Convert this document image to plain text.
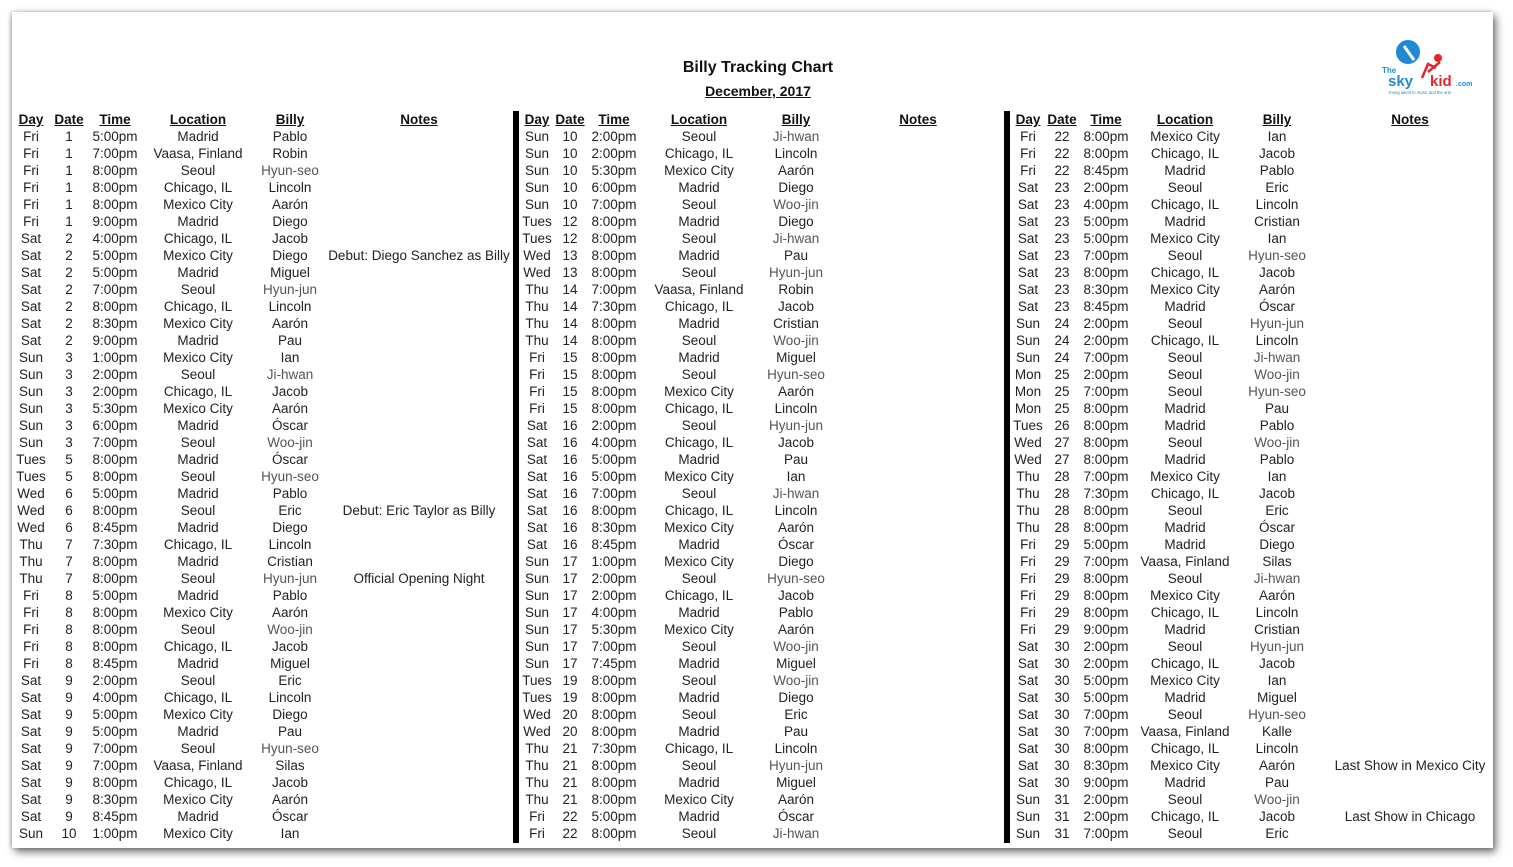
Billy Tracking Chart
December, 2017
The
sky kid .com
Young talent in music and the arts
Day Date	Time	Location	Billy	Notes
Fri	1	5:00pm	Madrid	Pablo
Fri	1	7:00pm	Vaasa, Finland	Robin
Fri	1	8:00pm	Seoul	Hyun-seo
Fri	1	8:00pm	Chicago, IL	Lincoln
Fri	1	8:00pm	Mexico City	Aarón
Fri	1	9:00pm	Madrid	Diego
Sat	2	4:00pm	Chicago, IL	Jacob
Sat	2	5:00pm	Mexico City	Diego	Debut: Diego Sanchez as Billy
Sat	2	5:00pm	Madrid	Miguel
Sat	2	7:00pm	Seoul	Hyun-jun
Sat	2	8:00pm	Chicago, IL	Lincoln
Sat	2	8:30pm	Mexico City	Aarón
Sat	2	9:00pm	Madrid	Pau
Sun	3	1:00pm	Mexico City	Ian
Sun	3	2:00pm	Seoul	Ji-hwan
Sun	3	2:00pm	Chicago, IL	Jacob
Sun	3	5:30pm	Mexico City	Aarón
Sun	3	6:00pm	Madrid	Óscar
Sun	3	7:00pm	Seoul	Woo-jin
Tues	5	8:00pm	Madrid	Óscar
Tues	5	8:00pm	Seoul	Hyun-seo
Wed	6	5:00pm	Madrid	Pablo
Wed	6	8:00pm	Seoul	Eric	Debut: Eric Taylor as Billy
Wed	6	8:45pm	Madrid	Diego
Thu	7	7:30pm	Chicago, IL	Lincoln
Thu	7	8:00pm	Madrid	Cristian
Thu	7	8:00pm	Seoul	Hyun-jun	Official Opening Night
Fri	8	5:00pm	Madrid	Pablo
Fri	8	8:00pm	Mexico City	Aarón
Fri	8	8:00pm	Seoul	Woo-jin
Fri	8	8:00pm	Chicago, IL	Jacob
Fri	8	8:45pm	Madrid	Miguel
Sat	9	2:00pm	Seoul	Eric
Sat	9	4:00pm	Chicago, IL	Lincoln
Sat	9	5:00pm	Mexico City	Diego
Sat	9	5:00pm	Madrid	Pau
Sat	9	7:00pm	Seoul	Hyun-seo
Sat	9	7:00pm	Vaasa, Finland	Silas
Sat	9	8:00pm	Chicago, IL	Jacob
Sat	9	8:30pm	Mexico City	Aarón
Sat	9	8:45pm	Madrid	Óscar
Sun	10	1:00pm	Mexico City	Ian
Day Date	Time	Location	Billy	Notes
Sun 10	2:00pm	Seoul	Ji-hwan
Sun 10	2:00pm	Chicago, IL	Lincoln
Sun 10	5:30pm	Mexico City	Aarón
Sun 10	6:00pm	Madrid	Diego
Sun 10	7:00pm	Seoul	Woo-jin
Tues 12	8:00pm	Madrid	Diego
Tues 12	8:00pm	Seoul	Ji-hwan
Wed 13	8:00pm	Madrid	Pau
Wed 13	8:00pm	Seoul	Hyun-jun
Thu	14	7:00pm	Vaasa, Finland	Robin
Thu	14	7:30pm	Chicago, IL	Jacob
Thu	14	8:00pm	Madrid	Cristian
Thu	14	8:00pm	Seoul	Woo-jin
Fri	15	8:00pm	Madrid	Miguel
Fri	15	8:00pm	Seoul	Hyun-seo
Fri	15	8:00pm	Mexico City	Aarón
Fri	15	8:00pm	Chicago, IL	Lincoln
Sat	16	2:00pm	Seoul	Hyun-jun
Sat	16	4:00pm	Chicago, IL	Jacob
Sat	16	5:00pm	Madrid	Pau
Sat	16	5:00pm	Mexico City	Ian
Sat	16	7:00pm	Seoul	Ji-hwan
Sat	16	8:00pm	Chicago, IL	Lincoln
Sat	16	8:30pm	Mexico City	Aarón
Sat	16	8:45pm	Madrid	Óscar
Sun 17	1:00pm	Mexico City	Diego
Sun 17	2:00pm	Seoul	Hyun-seo
Sun 17	2:00pm	Chicago, IL	Jacob
Sun 17	4:00pm	Madrid	Pablo
Sun 17	5:30pm	Mexico City	Aarón
Sun 17	7:00pm	Seoul	Woo-jin
Sun 17	7:45pm	Madrid	Miguel
Tues 19	8:00pm	Seoul	Woo-jin
Tues 19	8:00pm	Madrid	Diego
Wed 20	8:00pm	Seoul	Eric
Wed 20	8:00pm	Madrid	Pau
Thu	21	7:30pm	Chicago, IL	Lincoln
Thu	21	8:00pm	Seoul	Hyun-jun
Thu	21	8:00pm	Madrid	Miguel
Thu	21	8:00pm	Mexico City	Aarón
Fri	22	5:00pm	Madrid	Óscar
Fri	22	8:00pm	Seoul	Ji-hwan
Day Date	Time	Location	Billy	Notes
Fri	22	8:00pm	Mexico City	Ian
Fri	22	8:00pm	Chicago, IL	Jacob
Fri	22	8:45pm	Madrid	Pablo
Sat	23	2:00pm	Seoul	Eric
Sat	23	4:00pm	Chicago, IL	Lincoln
Sat	23	5:00pm	Madrid	Cristian
Sat	23	5:00pm	Mexico City	Ian
Sat	23	7:00pm	Seoul	Hyun-seo
Sat	23	8:00pm	Chicago, IL	Jacob
Sat	23	8:30pm	Mexico City	Aarón
Sat	23	8:45pm	Madrid	Óscar
Sun	24	2:00pm	Seoul	Hyun-jun
Sun	24	2:00pm	Chicago, IL	Lincoln
Sun	24	7:00pm	Seoul	Ji-hwan
Mon 25	2:00pm	Seoul	Woo-jin
Mon 25	7:00pm	Seoul	Hyun-seo
Mon 25	8:00pm	Madrid	Pau
Tues 26	8:00pm	Madrid	Pablo
Wed 27	8:00pm	Seoul	Woo-jin
Wed 27	8:00pm	Madrid	Pablo
Thu	28	7:00pm	Mexico City	Ian
Thu	28	7:30pm	Chicago, IL	Jacob
Thu	28	8:00pm	Seoul	Eric
Thu	28	8:00pm	Madrid	Óscar
Fri	29	5:00pm	Madrid	Diego
Fri	29	7:00pm Vaasa, Finland	Silas
Fri	29	8:00pm	Seoul	Ji-hwan
Fri	29	8:00pm	Mexico City	Aarón
Fri	29	8:00pm	Chicago, IL	Lincoln
Fri	29	9:00pm	Madrid	Cristian
Sat	30	2:00pm	Seoul	Hyun-jun
Sat	30	2:00pm	Chicago, IL	Jacob
Sat	30	5:00pm	Mexico City	Ian
Sat	30	5:00pm	Madrid	Miguel
Sat	30	7:00pm	Seoul	Hyun-seo
Sat	30	7:00pm Vaasa, Finland	Kalle
Sat	30	8:00pm	Chicago, IL	Lincoln
Sat	30	8:30pm	Mexico City	Aarón	Last Show in Mexico City
Sat	30	9:00pm	Madrid	Pau
Sun	31	2:00pm	Seoul	Woo-jin
Sun	31	2:00pm	Chicago, IL	Jacob	Last Show in Chicago
Sun	31	7:00pm	Seoul	Eric
